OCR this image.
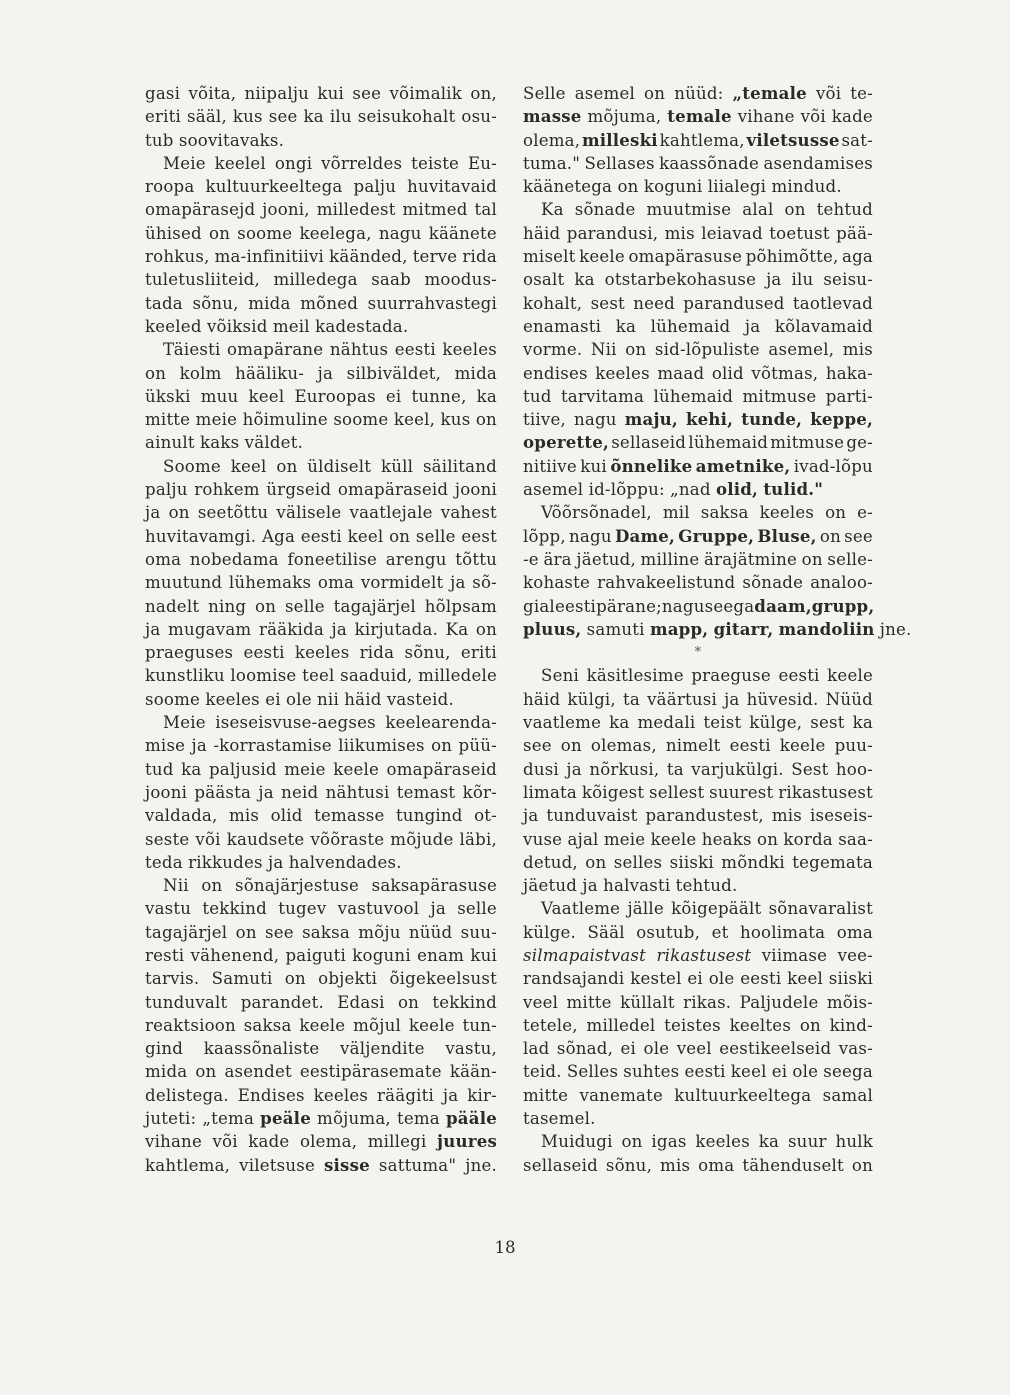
gasi võita, niipalju kui see võimalik on,
eriti sääl, kus see ka ilu seisukohalt osu-
tub soovitavaks.
Meie keelel ongi võrreldes teiste Eu-
roopa kultuurkeeltega palju huvitavaid
omapärasejd jooni, milledest mitmed tal
ühised on soome keelega, nagu käänete
rohkus, ma-infinitiivi käänded, terve rida
tuletusliiteid, milledega saab moodus-
tada sõnu, mida mõned suurrahvastegi
keeled võiksid meil kadestada.
Täiesti omapärane nähtus eesti keeles
on kolm hääliku- ja silbiväldet, mida
ükski muu keel Euroopas ei tunne, ka
mitte meie hõimuline soome keel, kus on
ainult kaks väldet.
Soome keel on üldiselt küll säilitand
palju rohkem ürgseid omapäraseid jooni
ja on seetõttu välisele vaatlejale vahest
huvitavamgi. Aga eesti keel on selle eest
oma nobedama foneetilise arengu tõttu
muutund lühemaks oma vormidelt ja sõ-
nadelt ning on selle tagajärjel hõlpsam
ja mugavam rääkida ja kirjutada. Ka on
praeguses eesti keeles rida sõnu, eriti
kunstliku loomise teel saaduid, milledele
soome keeles ei ole nii häid vasteid.
Meie iseseisvuse-aegses keelearenda-
mise ja -korrastamise liikumises on püü-
tud ka paljusid meie keele omapäraseid
jooni päästa ja neid nähtusi temast kõr-
valdada, mis olid temasse tungind ot-
seste või kaudsete võõraste mõjude läbi,
teda rikkudes ja halvendades.
Nii on sõnajärjestuse saksapärasuse
vastu tekkind tugev vastuvool ja selle
tagajärjel on see saksa mõju nüüd suu-
resti vähenend, paiguti koguni enam kui
tarvis. Samuti on objekti õigekeelsust
tunduvalt parandet. Edasi on tekkind
reaktsioon saksa keele mõjul keele tun-
gind kaassõnaliste väljendite vastu,
mida on asendet eestipärasemate kään-
delistega. Endises keeles räägiti ja kir-
juteti: „tema peäle mõjuma, tema pääle
vihane või kade olema, millegi juures
kahtlema, viletsuse sisse sattuma" jne.
Selle asemel on nüüd: „temale või te-
masse mõjuma, temale vihane või kade
olema, milleski kahtlema, viletsusse sat-
tuma." Sellases kaassõnade asendamises
käänetega on koguni liialegi mindud.
Ka sõnade muutmise alal on tehtud
häid parandusi, mis leiavad toetust pää-
miselt keele omapärasuse põhimõtte, aga
osalt ka otstarbekohasuse ja ilu seisu-
kohalt, sest need parandused taotlevad
enamasti ka lühemaid ja kõlavamaid
vorme. Nii on sid-lõpuliste asemel, mis
endises keeles maad olid võtmas, haka-
tud tarvitama lühemaid mitmuse parti-
tiive, nagu maju, kehi, tunde, keppe,
operette, sellaseid lühemaid mitmuse ge-
nitiive kui õnnelike ametnike, ivad-lõpu
asemel id-lõppu: „nad olid, tulid."
Võõrsõnadel, mil saksa keeles on e-
lõpp, nagu Dame, Gruppe, Bluse, on see
-e ära jäetud, milline ärajätmine on selle-
kohaste rahvakeelistund sõnade analoo-
gial eestipärane; nagu seega daam, grupp,
pluus, samuti mapp, gitarr, mandoliin jne.
*
Seni käsitlesime praeguse eesti keele
häid külgi, ta väärtusi ja hüvesid. Nüüd
vaatleme ka medali teist külge, sest ka
see on olemas, nimelt eesti keele puu-
dusi ja nõrkusi, ta varjukülgi. Sest hoo-
limata kõigest sellest suurest rikastusest
ja tunduvaist parandustest, mis iseseis-
vuse ajal meie keele heaks on korda saa-
detud, on selles siiski mõndki tegemata
jäetud ja halvasti tehtud.
Vaatleme jälle kõigepäält sõnavaralist
külge. Sääl osutub, et hoolimata oma
silmapaistvast rikastusest viimase vee-
randsajandi kestel ei ole eesti keel siiski
veel mitte küllalt rikas. Paljudele mõis-
tetele, milledel teistes keeltes on kind-
lad sõnad, ei ole veel eestikeelseid vas-
teid. Selles suhtes eesti keel ei ole seega
mitte vanemate kultuurkeeltega samal
tasemel.
Muidugi on igas keeles ka suur hulk
sellaseid sõnu, mis oma tähenduselt on
18
